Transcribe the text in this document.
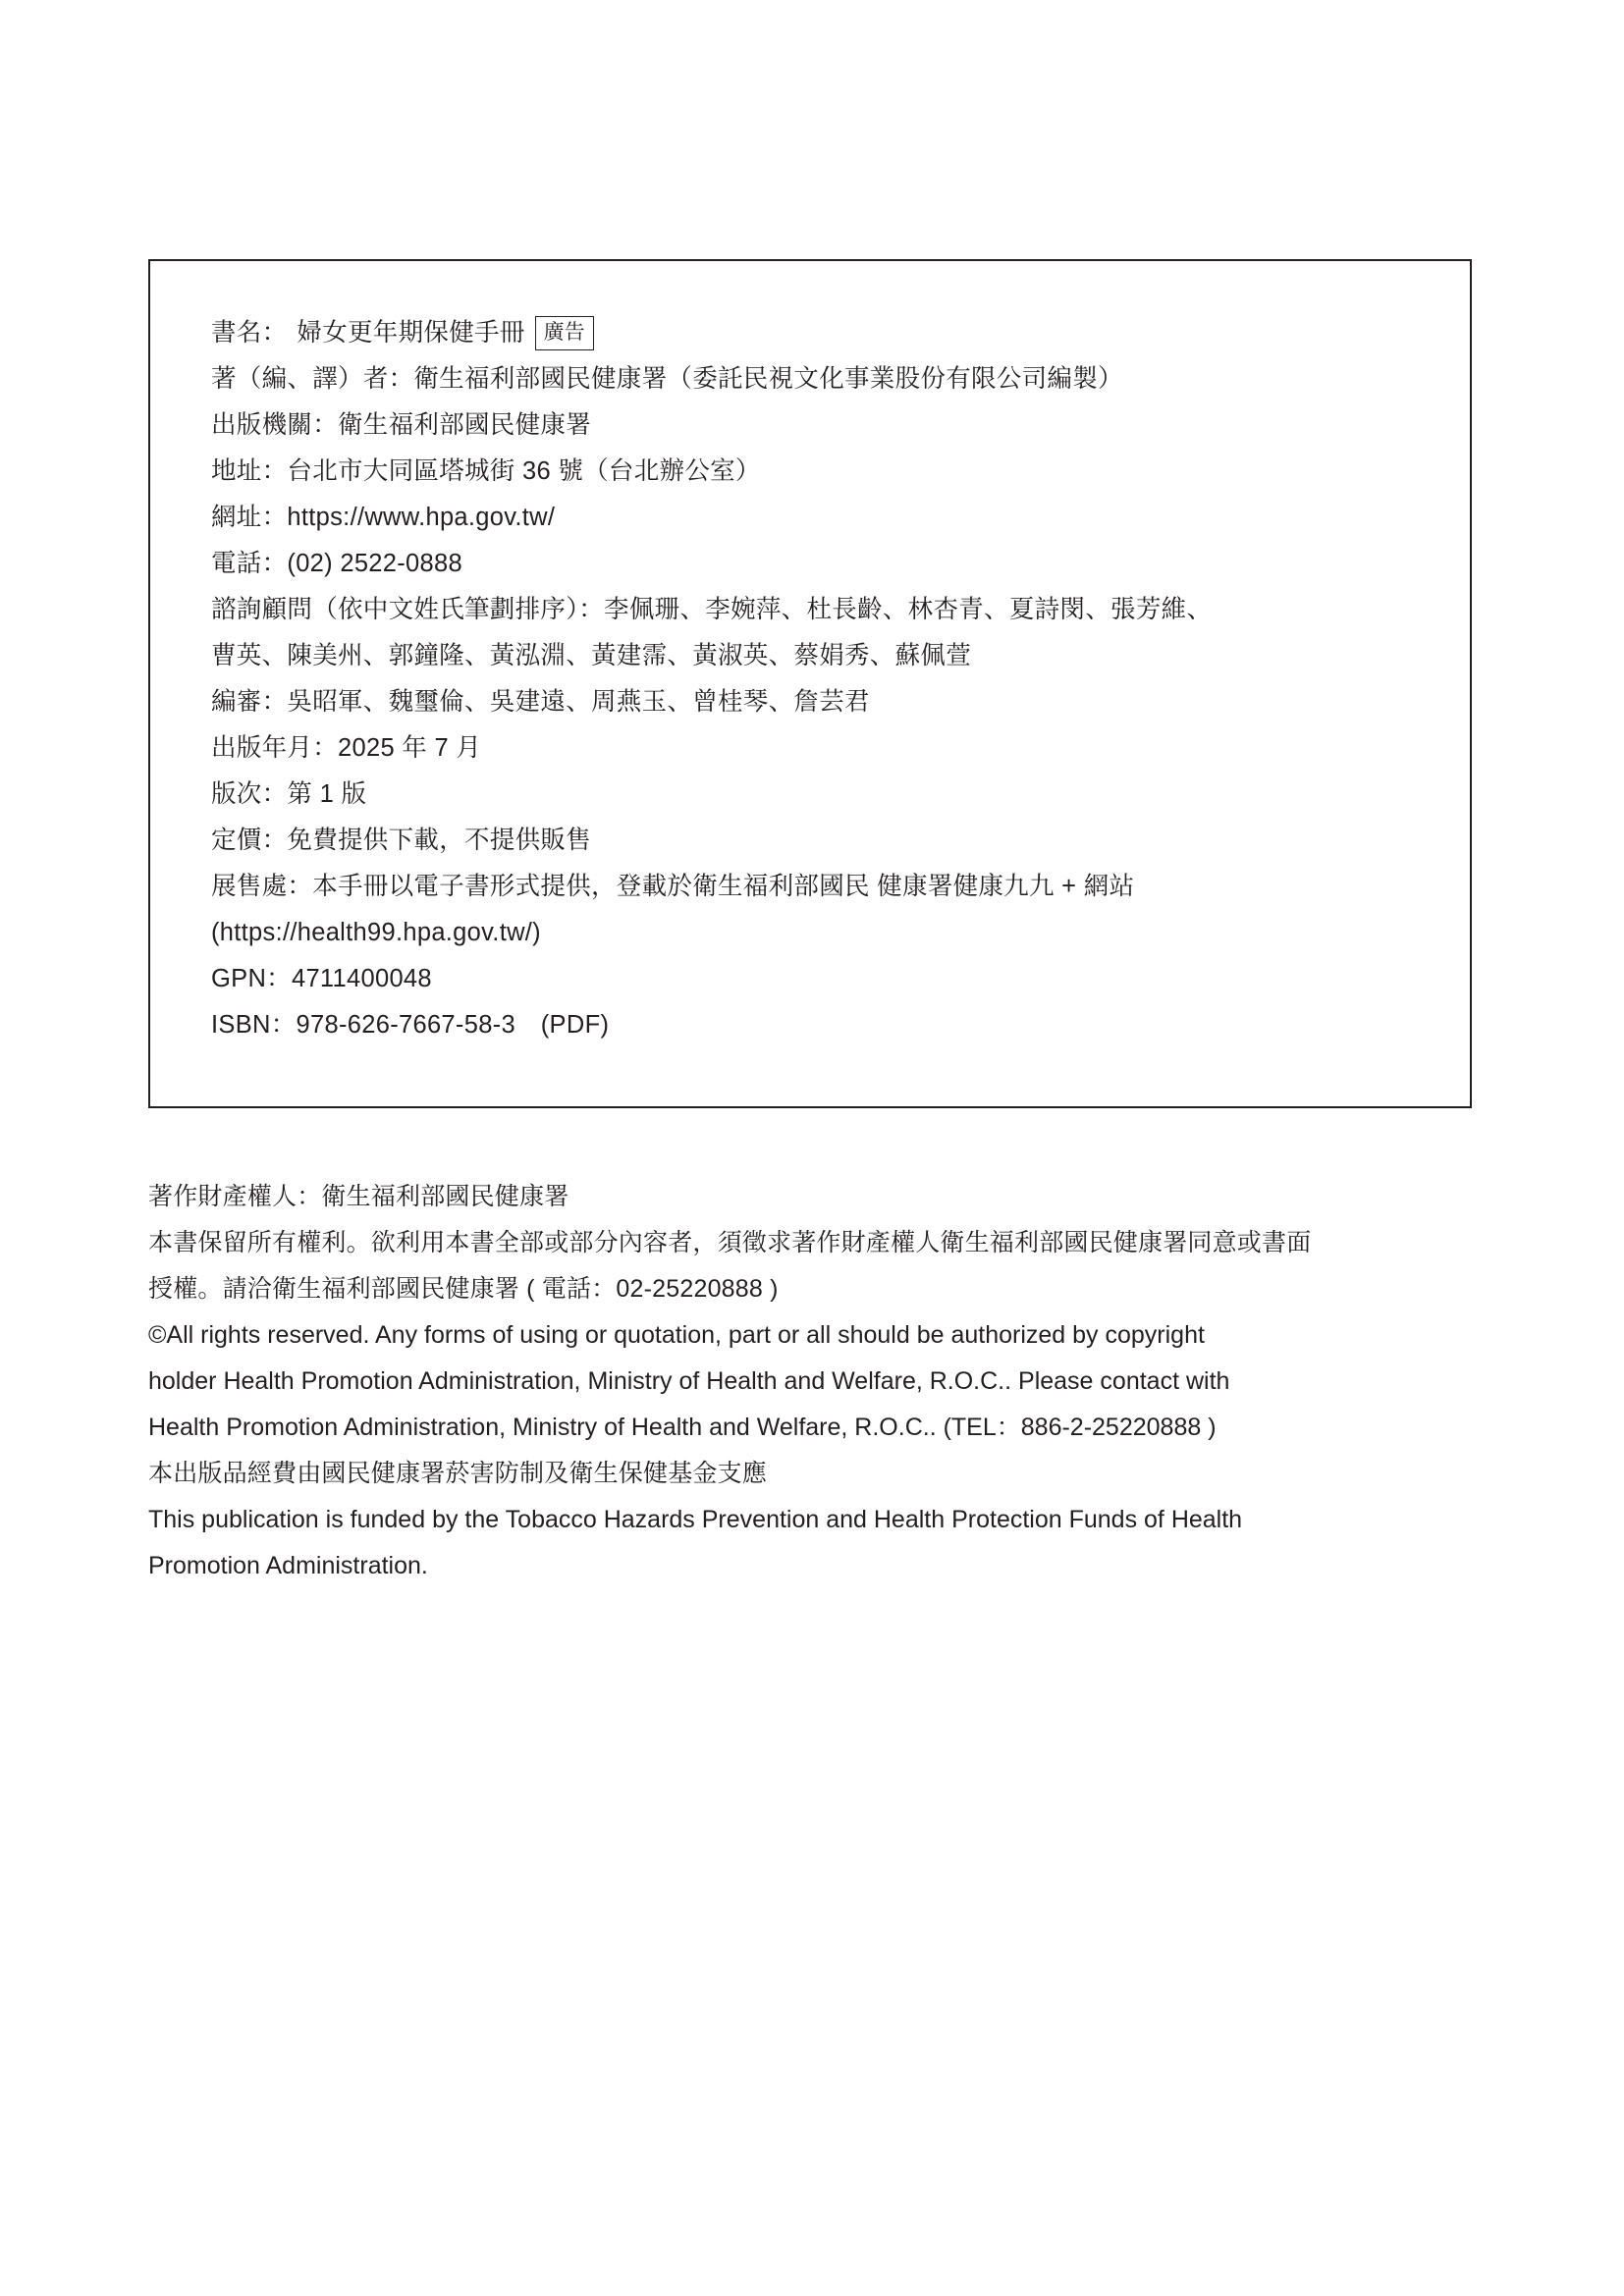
書名： 婦女更年期保健手冊 廣告
著（編、譯）者：衛生福利部國民健康署（委託民視文化事業股份有限公司編製）
出版機關：衛生福利部國民健康署
地址：台北市大同區塔城街 36 號（台北辦公室）
網址：https://www.hpa.gov.tw/
電話：(02) 2522-0888
諮詢顧問（依中文姓氏筆劃排序）：李佩珊、李婉萍、杜長齡、林杏青、夏詩閔、張芳維、
曹英、陳美州、郭鐘隆、黃泓淵、黃建霈、黃淑英、蔡娟秀、蘇佩萱
編審：吳昭軍、魏璽倫、吳建遠、周燕玉、曾桂琴、詹芸君
出版年月：2025 年 7 月
版次：第 1 版
定價：免費提供下載，不提供販售
展售處：本手冊以電子書形式提供，登載於衛生福利部國民 健康署健康九九 + 網站
(https://health99.hpa.gov.tw/)
GPN：4711400048
ISBN：978-626-7667-58-3　(PDF)

著作財產權人：衛生福利部國民健康署

本書保留所有權利。欲利用本書全部或部分內容者，須徵求著作財產權人衛生福利部國民健康署同意或書面

授權。請洽衛生福利部國民健康署 ( 電話：02-25220888 )

©All rights reserved. Any forms of using or quotation, part or all should be authorized by copyright

holder Health Promotion Administration, Ministry of Health and Welfare, R.O.C.. Please contact with

Health Promotion Administration, Ministry of Health and Welfare, R.O.C.. (TEL：886-2-25220888 )

本出版品經費由國民健康署菸害防制及衛生保健基金支應

This publication is funded by the Tobacco Hazards Prevention and Health Protection Funds of Health

Promotion Administration.
